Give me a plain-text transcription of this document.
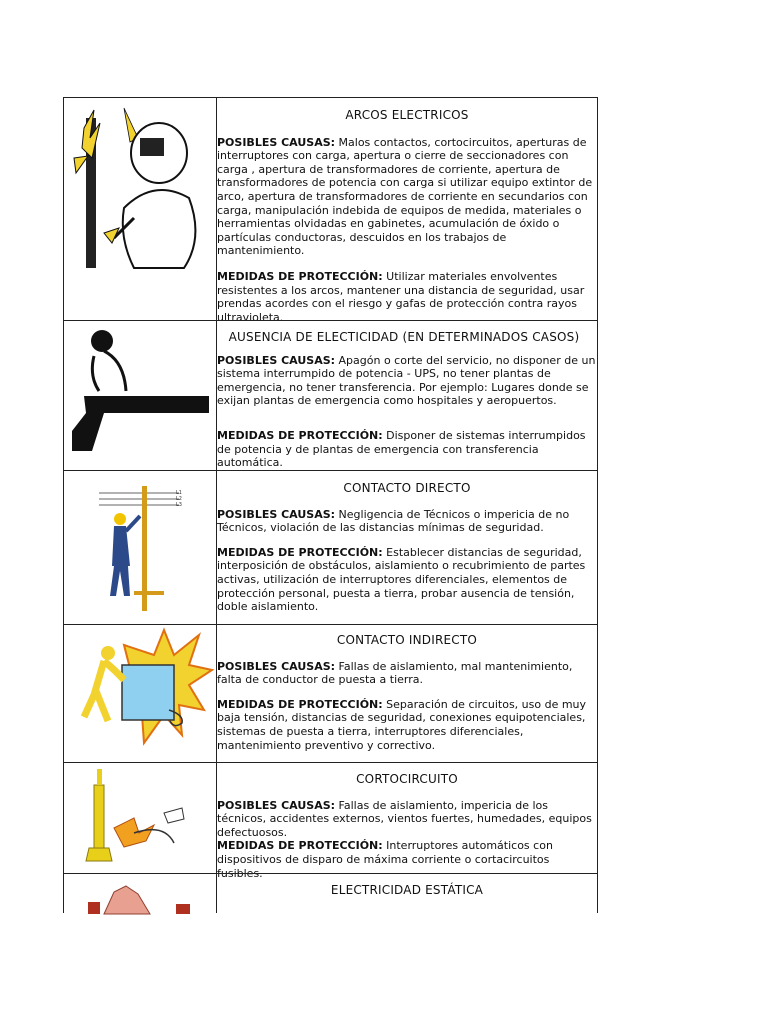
ARCOS ELECTRICOS

POSIBLES CAUSAS: Malos contactos, cortocircuitos, aperturas de interruptores con carga, apertura o cierre de seccionadores con carga , apertura de transformadores de corriente, apertura de transformadores de potencia con carga si utilizar equipo extintor de arco, apertura de transformadores de corriente en secundarios con carga, manipulación indebida de equipos de medida, materiales o herramientas olvidadas en gabinetes, acumulación de óxido o partículas conductoras, descuidos en los trabajos de mantenimiento.

MEDIDAS DE PROTECCIÓN: Utilizar materiales envolventes resistentes a los arcos, mantener una distancia de seguridad, usar prendas acordes con el riesgo y gafas de protección contra rayos ultravioleta.

AUSENCIA DE ELECTICIDAD (EN DETERMINADOS CASOS)

POSIBLES CAUSAS: Apagón o corte del servicio, no disponer de un sistema interrumpido de potencia - UPS, no tener plantas de emergencia, no tener transferencia. Por ejemplo: Lugares donde se exijan plantas de emergencia como hospitales y aeropuertos.

MEDIDAS DE PROTECCIÓN: Disponer de sistemas interrumpidos de potencia y de plantas de emergencia con transferencia automática.

L1
L2
L3

CONTACTO DIRECTO

POSIBLES CAUSAS: Negligencia de Técnicos o impericia de no Técnicos, violación de las distancias mínimas de seguridad.

MEDIDAS DE PROTECCIÓN: Establecer distancias de seguridad, interposición de obstáculos, aislamiento o recubrimiento de partes activas, utilización de interruptores diferenciales, elementos de protección personal, puesta a tierra, probar ausencia de tensión, doble aislamiento.

CONTACTO INDIRECTO

POSIBLES CAUSAS: Fallas de aislamiento, mal mantenimiento, falta de conductor de puesta a tierra.

MEDIDAS DE PROTECCIÓN: Separación de circuitos, uso de muy baja tensión, distancias de seguridad, conexiones equipotenciales, sistemas de puesta a tierra, interruptores diferenciales, mantenimiento preventivo y correctivo.

CORTOCIRCUITO

POSIBLES CAUSAS: Fallas de aislamiento, impericia de los técnicos, accidentes externos, vientos fuertes, humedades, equipos defectuosos.

MEDIDAS DE PROTECCIÓN: Interruptores automáticos con dispositivos de disparo de máxima corriente o cortacircuitos fusibles.

ELECTRICIDAD ESTÁTICA
